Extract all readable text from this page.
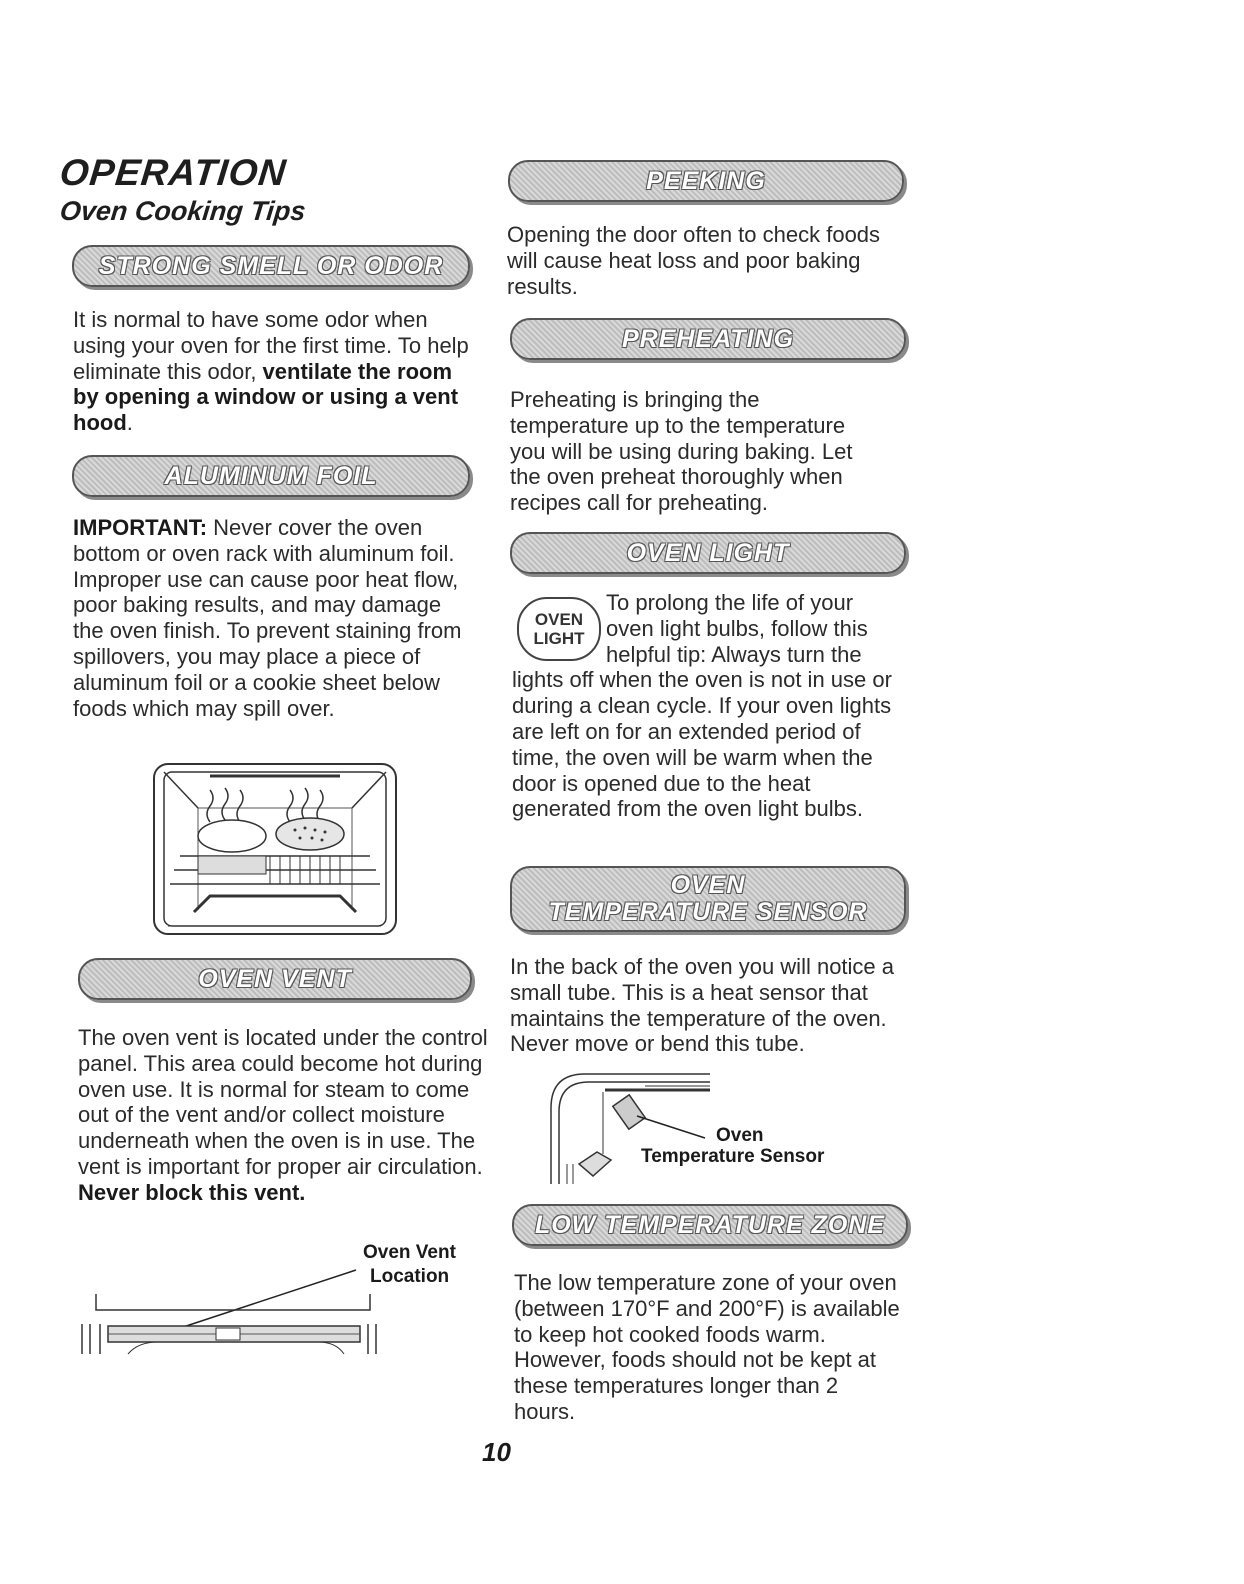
OPERATION
Oven Cooking Tips
STRONG SMELL OR ODOR
It is normal to have some odor when using your oven for the first time. To help eliminate this odor, ventilate the room by opening a window or using a vent hood.
ALUMINUM FOIL
IMPORTANT: Never cover the oven bottom or oven rack with aluminum foil. Improper use can cause poor heat flow, poor baking results, and may damage the oven finish. To prevent staining from spillovers, you may place a piece of aluminum foil or a cookie sheet below foods which may spill over.
OVEN VENT
The oven vent is located under the control panel. This area could become hot during oven use. It is normal for steam to come out of the vent and/or collect moisture underneath when the oven is in use. The vent is important for proper air circulation. Never block this vent.
Oven Vent
Location
PEEKING
Opening the door often to check foods will cause heat loss and poor baking results.
PREHEATING
Preheating is bringing the temperature up to the temperature you will be using during baking. Let the oven preheat thoroughly when recipes call for preheating.
OVEN LIGHT
OVEN
LIGHT
To prolong the life of your oven light bulbs, follow this helpful tip: Always turn the lights off when the oven is not in use or during a clean cycle. If your oven lights are left on for an extended period of time, the oven will be warm when the door is opened due to the heat generated from the oven light bulbs.
OVEN
TEMPERATURE SENSOR
In the back of the oven you will notice a small tube. This is a heat sensor that maintains the temperature of the oven. Never move or bend this tube.
Oven
Temperature Sensor
LOW TEMPERATURE ZONE
The low temperature zone of your oven (between 170°F and 200°F) is available to keep hot cooked foods warm. However, foods should not be kept at these temperatures longer than 2 hours.
10
